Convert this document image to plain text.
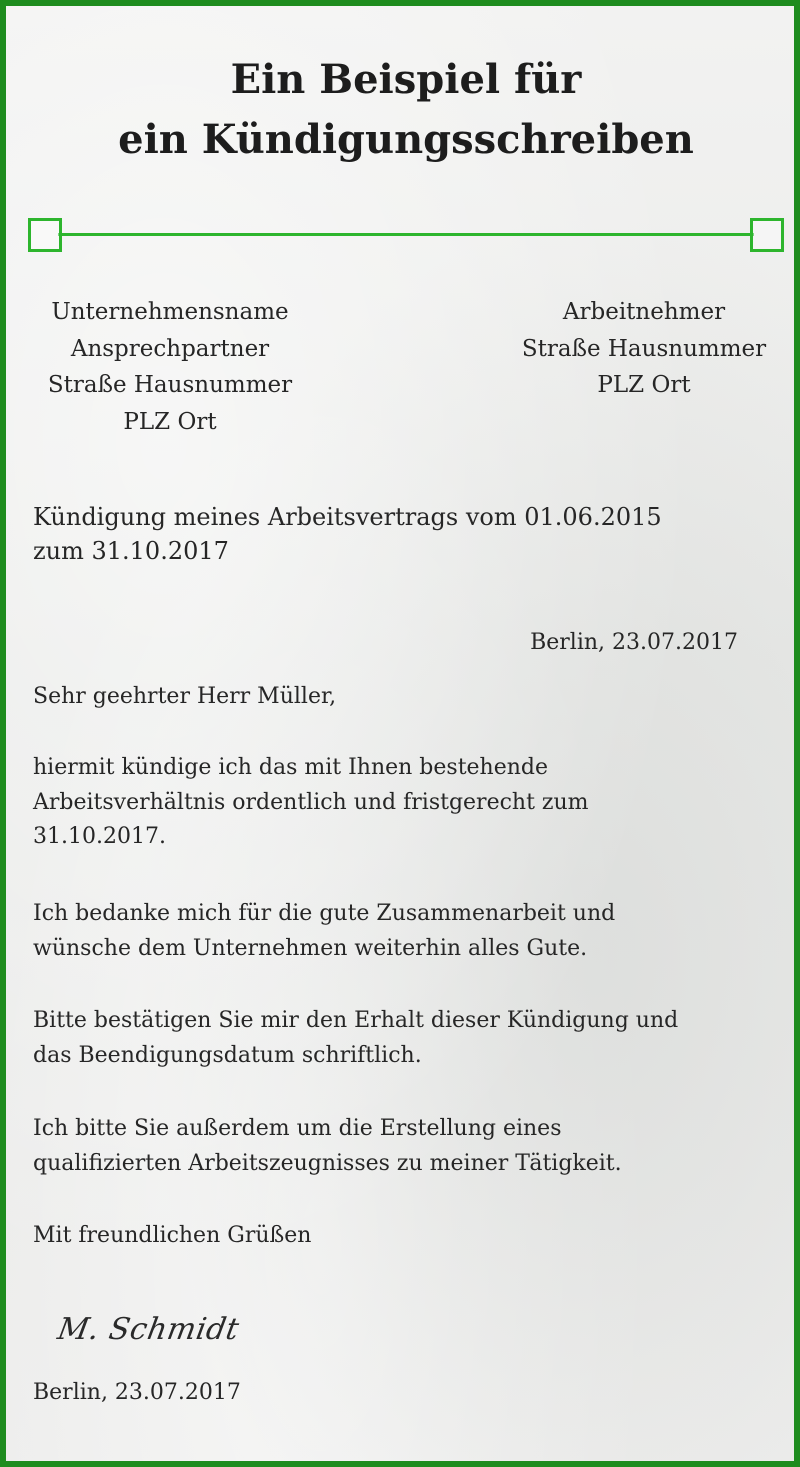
Ein Beispiel für
ein Kündigungsschreiben
Unternehmensname
Ansprechpartner
Straße Hausnummer
PLZ Ort
Arbeitnehmer
Straße Hausnummer
PLZ Ort
Kündigung meines Arbeitsvertrags vom 01.06.2015
zum 31.10.2017
Berlin, 23.07.2017
Sehr geehrter Herr Müller,
hiermit kündige ich das mit Ihnen bestehende
Arbeitsverhältnis ordentlich und fristgerecht zum
31.10.2017.
Ich bedanke mich für die gute Zusammenarbeit und
wünsche dem Unternehmen weiterhin alles Gute.
Bitte bestätigen Sie mir den Erhalt dieser Kündigung und
das Beendigungsdatum schriftlich.
Ich bitte Sie außerdem um die Erstellung eines
qualifizierten Arbeitszeugnisses zu meiner Tätigkeit.
Mit freundlichen Grüßen
M. Schmidt
Berlin, 23.07.2017
